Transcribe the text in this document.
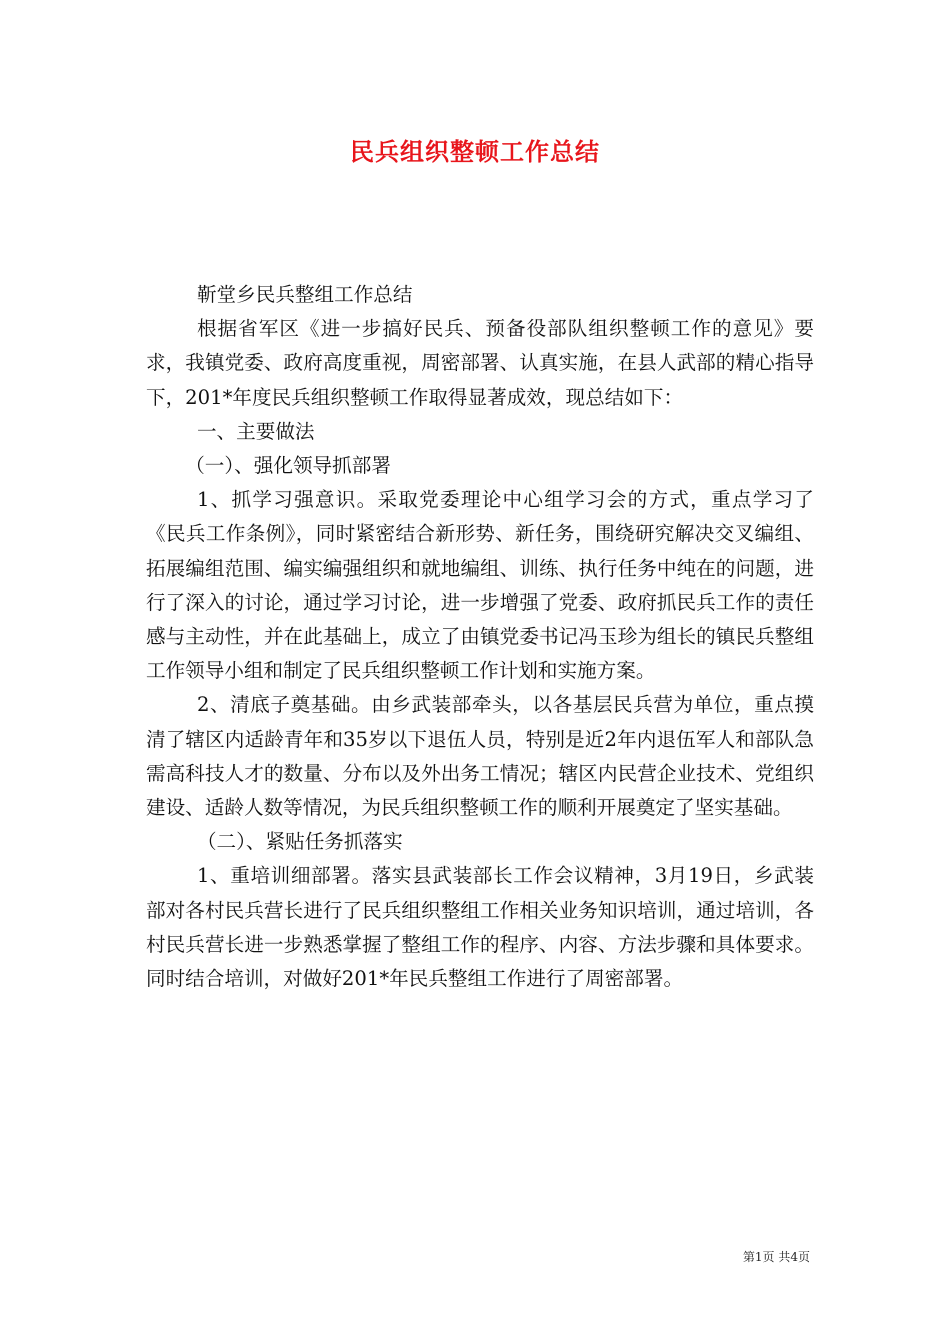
民兵组织整顿工作总结

靳堂乡民兵整组工作总结

根据省军区《进一步搞好民兵、预备役部队组织整顿工作的意见》要求，我镇党委、政府高度重视，周密部署、认真实施，在县人武部的精心指导下，201*年度民兵组织整顿工作取得显著成效，现总结如下：

一、主要做法

（一）、强化领导抓部署

1、抓学习强意识。采取党委理论中心组学习会的方式，重点学习了《民兵工作条例》，同时紧密结合新形势、新任务，围绕研究解决交叉编组、拓展编组范围、编实编强组织和就地编组、训练、执行任务中纯在的问题，进行了深入的讨论，通过学习讨论，进一步增强了党委、政府抓民兵工作的责任感与主动性，并在此基础上，成立了由镇党委书记冯玉珍为组长的镇民兵整组工作领导小组和制定了民兵组织整顿工作计划和实施方案。

2、清底子奠基础。由乡武装部牵头，以各基层民兵营为单位，重点摸清了辖区内适龄青年和35岁以下退伍人员，特别是近2年内退伍军人和部队急需高科技人才的数量、分布以及外出务工情况；辖区内民营企业技术、党组织建设、适龄人数等情况，为民兵组织整顿工作的顺利开展奠定了坚实基础。

（二）、紧贴任务抓落实

1、重培训细部署。落实县武装部长工作会议精神，3月19日，乡武装部对各村民兵营长进行了民兵组织整组工作相关业务知识培训，通过培训，各村民兵营长进一步熟悉掌握了整组工作的程序、内容、方法步骤和具体要求。同时结合培训，对做好201*年民兵整组工作进行了周密部署。

第1页 共4页
